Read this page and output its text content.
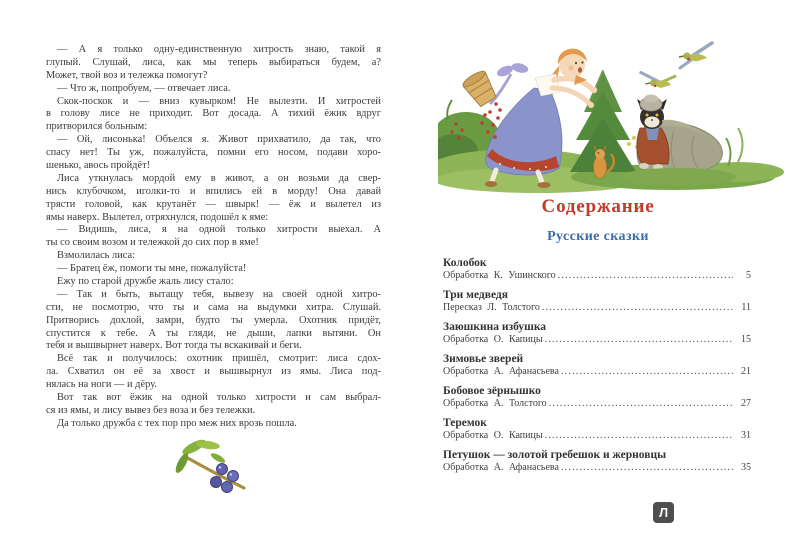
— А я только одну-единственную хитрость знаю, такой я
глупый. Слушай, лиса, как мы теперь выбираться будем, а?
Может, твой воз и тележка помогут?
— Что ж, попробуем, — отвечает лиса.
Скок-поскок и — вниз кувырком! Не вылезти. И хитростей
в голову лисе не приходит. Вот досада. А тихий ёжик вдруг
притворился больным:
— Ой, лисонька! Объелся я. Живот прихватило, да так, что
спасу нет! Ты уж, пожалуйста, помни его носом, подави хоро-
шенько, авось пройдёт!
Лиса уткнулась мордой ему в живот, а он возьми да свер-
нись клубочком, иголки-то и впились ей в морду! Она давай
трясти головой, как крутанёт — швырк! — ёж и вылетел из
ямы наверх. Вылетел, отряхнулся, подошёл к яме:
— Видишь, лиса, я на одной только хитрости выехал. А
ты со своим возом и тележкой до сих пор в яме!
Взмолилась лиса:
— Братец ёж, помоги ты мне, пожалуйста!
Ежу по старой дружбе жаль лису стало:
— Так и быть, вытащу тебя, вывезу на своей одной хитро-
сти, не посмотрю, что ты и сама на выдумки хитра. Слушай.
Притворись дохлой, замри, будто ты умерла. Охотник придёт,
спустится к тебе. А ты гляди, не дыши, лапки вытяни. Он
тебя и вышвырнет наверх. Вот тогда ты вскакивай и беги.
Всё так и получилось: охотник пришёл, смотрит: лиса сдох-
ла. Схватил он её за хвост и вышвырнул из ямы. Лиса под-
нялась на ноги — и дёру.
Вот так вот ёжик на одной только хитрости и сам выбрал-
ся из ямы, и лису вывез без воза и без тележки.
Да только дружба с тех пор про меж них врозь пошла.
Содержание
Русские сказки
Колобок
Обработка К. Ушинского .....	5
Три медведя
Пересказ Л. Толстого .....	11
Заюшкина избушка
Обработка О. Капицы .....	15
Зимовье зверей
Обработка А. Афанасьева .....	21
Бобовое зёрнышко
Обработка А. Толстого .....	27
Теремок
Обработка О. Капицы .....	31
Петушок — золотой гребешок и жерновцы
Обработка А. Афанасьева .....	35
Л
